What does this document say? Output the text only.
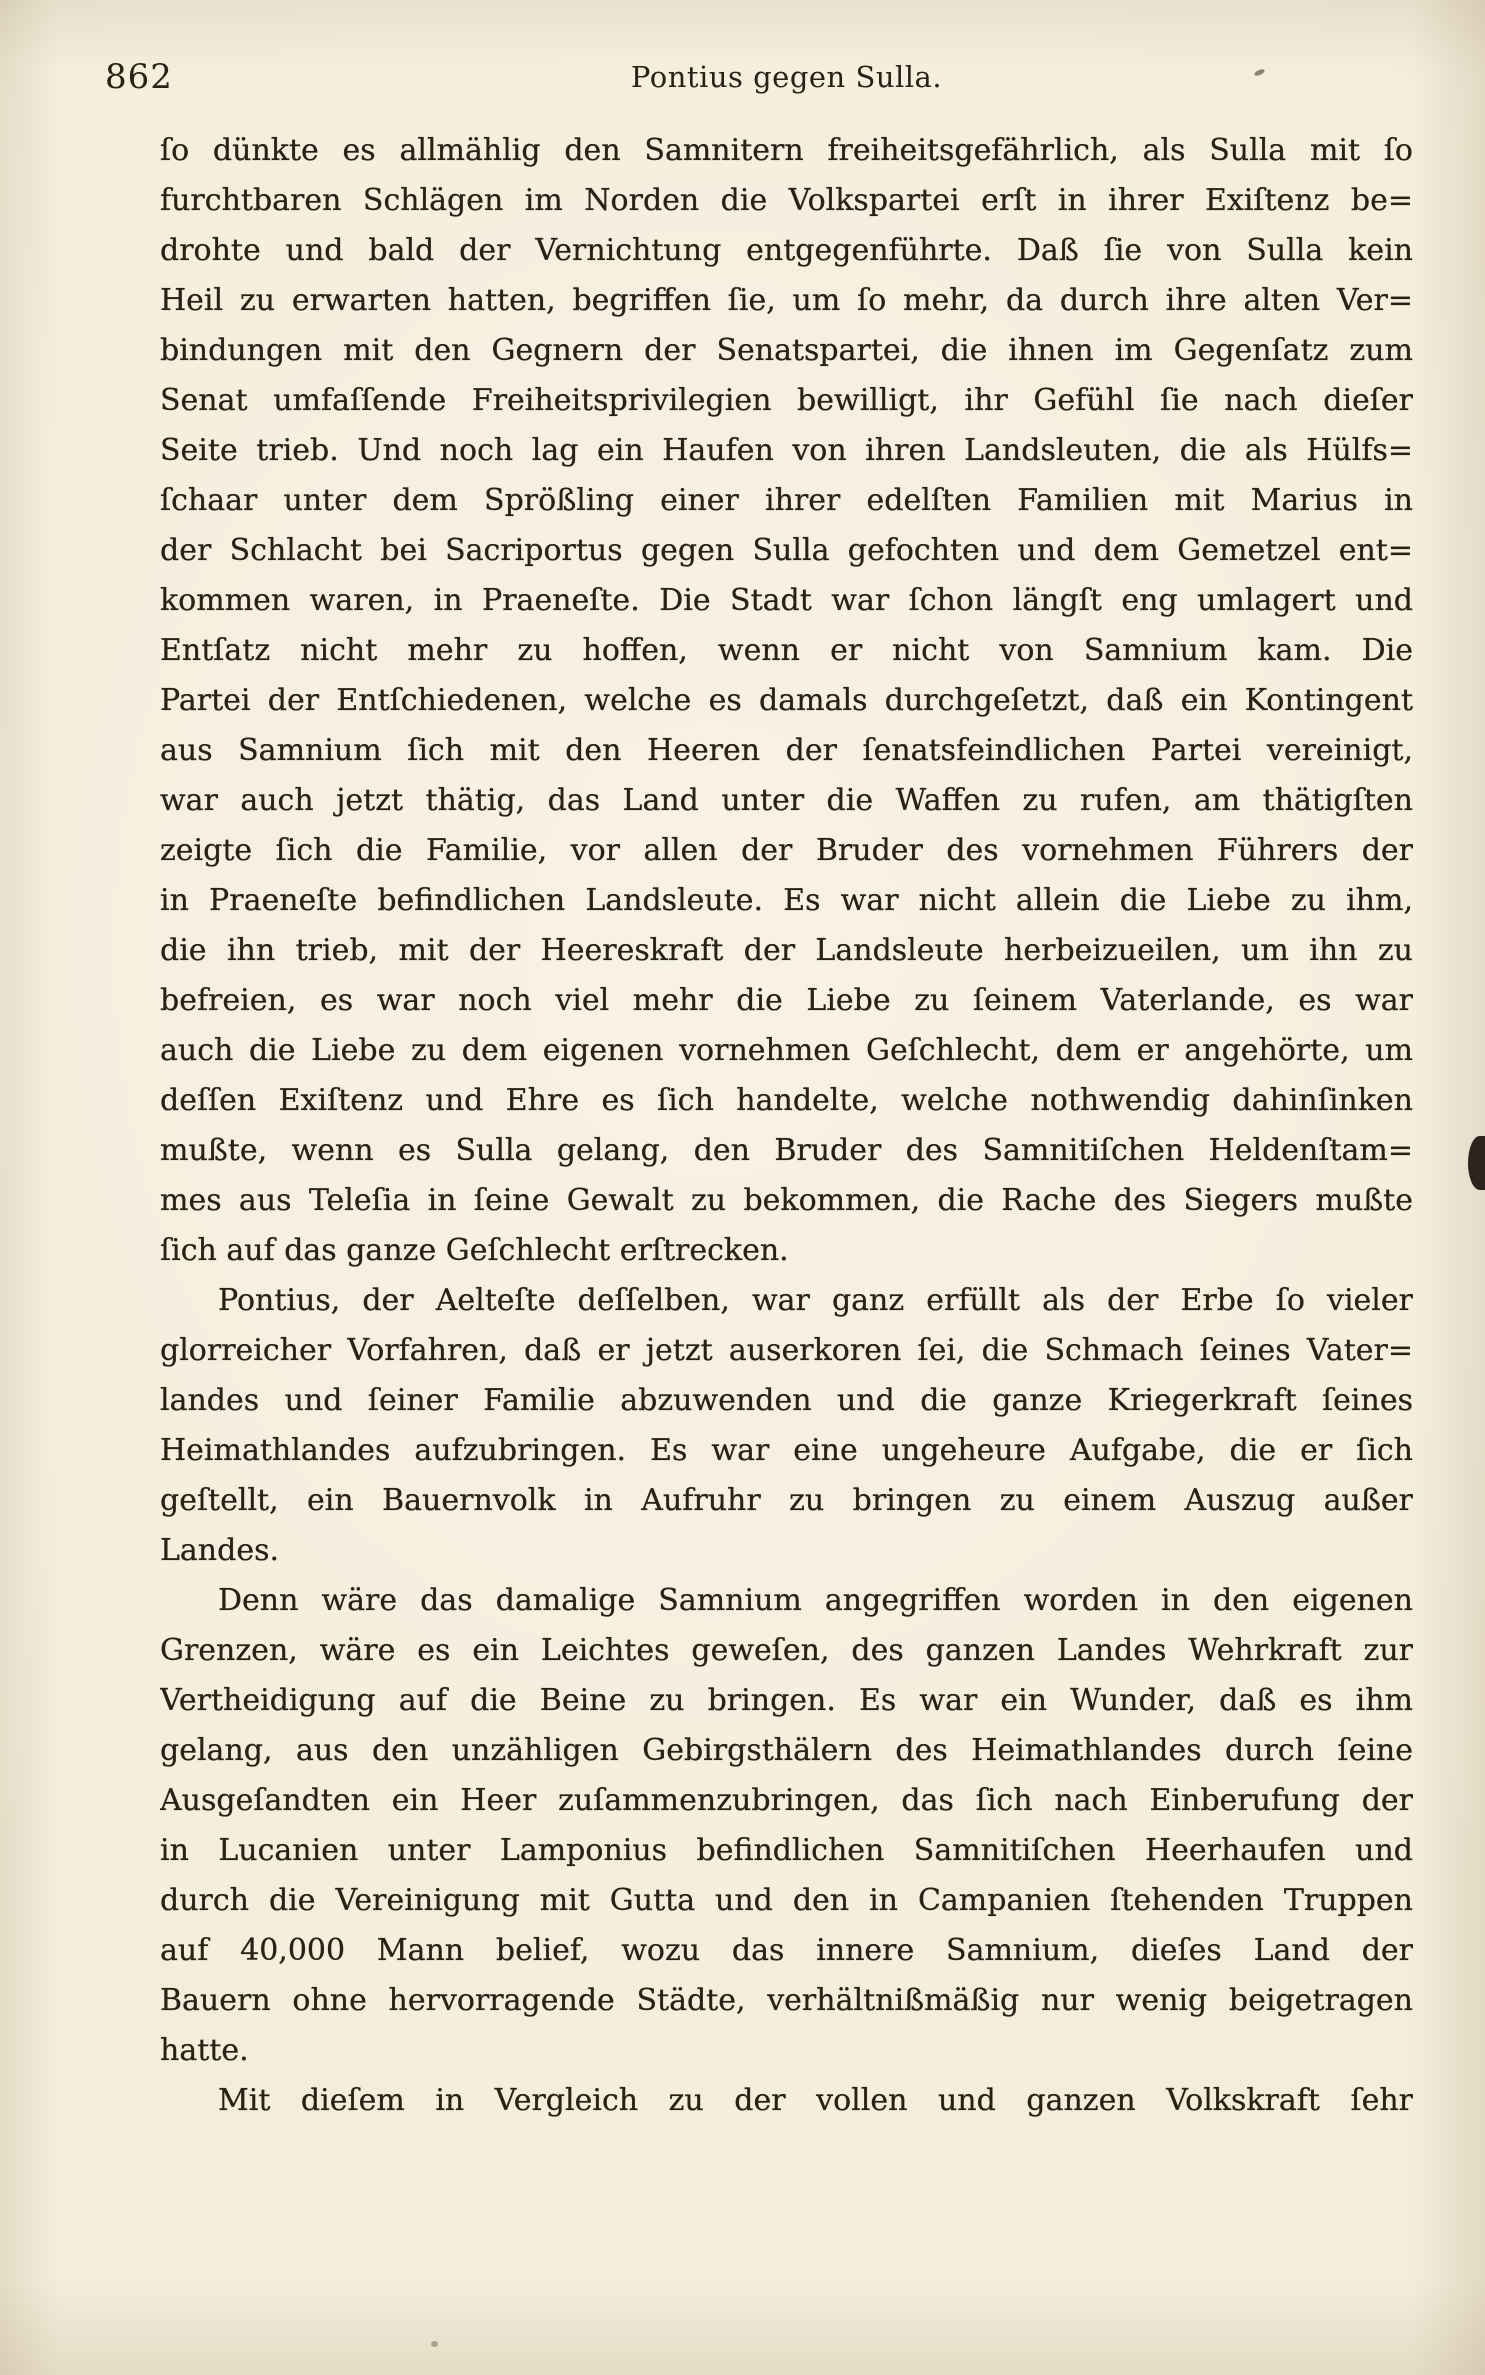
862	Pontius gegen Sulla.
ſo dünkte es allmählig den Samnitern freiheitsgefährlich, als Sulla mit ſo
furchtbaren Schlägen im Norden die Volkspartei erſt in ihrer Exiſtenz be=
drohte und bald der Vernichtung entgegenführte. Daß ſie von Sulla kein
Heil zu erwarten hatten, begriffen ſie, um ſo mehr, da durch ihre alten Ver=
bindungen mit den Gegnern der Senatspartei, die ihnen im Gegenſatz zum
Senat umfaſſende Freiheitsprivilegien bewilligt, ihr Gefühl ſie nach dieſer
Seite trieb. Und noch lag ein Haufen von ihren Landsleuten, die als Hülfs=
ſchaar unter dem Sprößling einer ihrer edelſten Familien mit Marius in
der Schlacht bei Sacriportus gegen Sulla gefochten und dem Gemetzel ent=
kommen waren, in Praeneſte. Die Stadt war ſchon längſt eng umlagert und
Entſatz nicht mehr zu hoffen, wenn er nicht von Samnium kam. Die
Partei der Entſchiedenen, welche es damals durchgeſetzt, daß ein Kontingent
aus Samnium ſich mit den Heeren der ſenatsfeindlichen Partei vereinigt,
war auch jetzt thätig, das Land unter die Waffen zu rufen, am thätigſten
zeigte ſich die Familie, vor allen der Bruder des vornehmen Führers der
in Praeneſte befindlichen Landsleute. Es war nicht allein die Liebe zu ihm,
die ihn trieb, mit der Heereskraft der Landsleute herbeizueilen, um ihn zu
befreien, es war noch viel mehr die Liebe zu ſeinem Vaterlande, es war
auch die Liebe zu dem eigenen vornehmen Geſchlecht, dem er angehörte, um
deſſen Exiſtenz und Ehre es ſich handelte, welche nothwendig dahinſinken
mußte, wenn es Sulla gelang, den Bruder des Samnitiſchen Heldenſtam=
mes aus Teleſia in ſeine Gewalt zu bekommen, die Rache des Siegers mußte
ſich auf das ganze Geſchlecht erſtrecken.
Pontius, der Aelteſte deſſelben, war ganz erfüllt als der Erbe ſo vieler
glorreicher Vorfahren, daß er jetzt auserkoren ſei, die Schmach ſeines Vater=
landes und ſeiner Familie abzuwenden und die ganze Kriegerkraft ſeines
Heimathlandes aufzubringen. Es war eine ungeheure Aufgabe, die er ſich
geſtellt, ein Bauernvolk in Aufruhr zu bringen zu einem Auszug außer
Landes.
Denn wäre das damalige Samnium angegriffen worden in den eigenen
Grenzen, wäre es ein Leichtes geweſen, des ganzen Landes Wehrkraft zur
Vertheidigung auf die Beine zu bringen. Es war ein Wunder, daß es ihm
gelang, aus den unzähligen Gebirgsthälern des Heimathlandes durch ſeine
Ausgeſandten ein Heer zuſammenzubringen, das ſich nach Einberufung der
in Lucanien unter Lamponius befindlichen Samnitiſchen Heerhaufen und
durch die Vereinigung mit Gutta und den in Campanien ſtehenden Truppen
auf 40,000 Mann belief, wozu das innere Samnium, dieſes Land der
Bauern ohne hervorragende Städte, verhältnißmäßig nur wenig beigetragen
hatte.
Mit dieſem in Vergleich zu der vollen und ganzen Volkskraft ſehr
